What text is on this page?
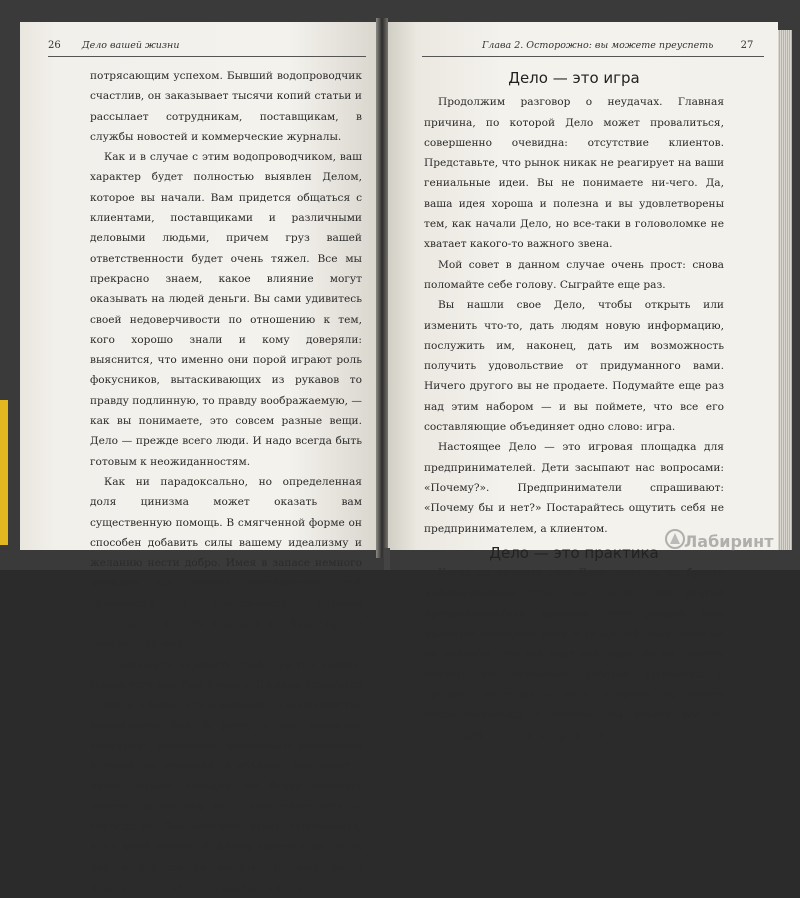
26 Дело вашей жизни

потрясающим успехом. Бывший водопроводчик счастлив, он заказывает тысячи копий статьи и рассылает сотрудникам, поставщикам, в службы новостей и коммерческие журналы.

Как и в случае с этим водопроводчиком, ваш характер будет полностью выявлен Делом, которое вы начали. Вам придется общаться с клиентами, поставщиками и различными деловыми людьми, причем груз вашей ответственности будет очень тяжел. Все мы прекрасно знаем, какое влияние могут оказывать на людей деньги. Вы сами удивитесь своей недоверчивости по отношению к тем, кого хорошо знали и кому доверяли: выяснится, что именно они порой играют роль фокусников, вытаскивающих из рукавов то правду подлинную, то правду воображаемую, — как вы понимаете, это совсем разные вещи. Дело — прежде всего люди. И надо всегда быть готовым к неожиданностям.

Как ни парадоксально, но определенная доля цинизма может оказать вам существенную помощь. В смягченной форме он способен добавить силы вашему идеализму и желанию нести добро. Имея в запасе немного цинизма, вы сумеете противостоять той склонности к продажности, которая свойственна многим людям, и вам будет проще смотреть на мир.

Попробуйте укрепить свое чувство юмора. После того как Бен Коуэн и Джерри Гринфилд создали в Вермонте компанию по производству мороженого Ben & Jerry, у них появился конкурент, решивший производить мороженое в такой же упаковке, и объявил, что хочет с ними слиться. «Может, мы будем работать вместе, зачем нам быть конкурентами?» — спросил он. Бен подписал ответ: «Понимаете, мы с моей девушкой живем вместе уже шесть лет, а все же не женаты. С вами же я повстречался каких-то двадцать минут назад».

Глава 2. Осторожно: вы можете преуспеть	27

Дело — это игра

Продолжим разговор о неудачах. Главная причина, по которой Дело может провалиться, совершенно очевидна: отсутствие клиентов. Представьте, что рынок никак не реагирует на ваши гениальные идеи. Вы не понимаете ни-чего. Да, ваша идея хороша и полезна и вы удовлетворены тем, как начали Дело, но все-таки в головоломке не хватает какого-то важного звена.

Мой совет в данном случае очень прост: снова поломайте себе голову. Сыграйте еще раз.

Вы нашли свое Дело, чтобы открыть или изменить что-то, дать людям новую информацию, послужить им, наконец, дать им возможность получить удовольствие от придуманного вами. Ничего другого вы не продаете. Подумайте еще раз над этим набором — и вы поймете, что все его составляющие объединяет одно слово: игра.

Настоящее Дело — это игровая площадка для предпринимателей. Дети засыпают нас вопросами: «Почему?». Предприниматели спрашивают: «Почему бы и нет?» Постарайтесь ощутить себя не предпринимателем, а клиентом.

Дело — это практика

Когда вы начнете свое Дело, вряд ли вы будете информированы столь же хорошо, как другие предприниматели, взявшие старт раньше. Вам придется повторять одни и те же действия, пока вы не поймете, что все идет как надо, но не следует считать это напрасной работой. Перемены к лучшему наступят — если, конечно, вы будете последовательны и упорны. Вы знаете все до последней точки. У вас уже нет

Лабиринт
